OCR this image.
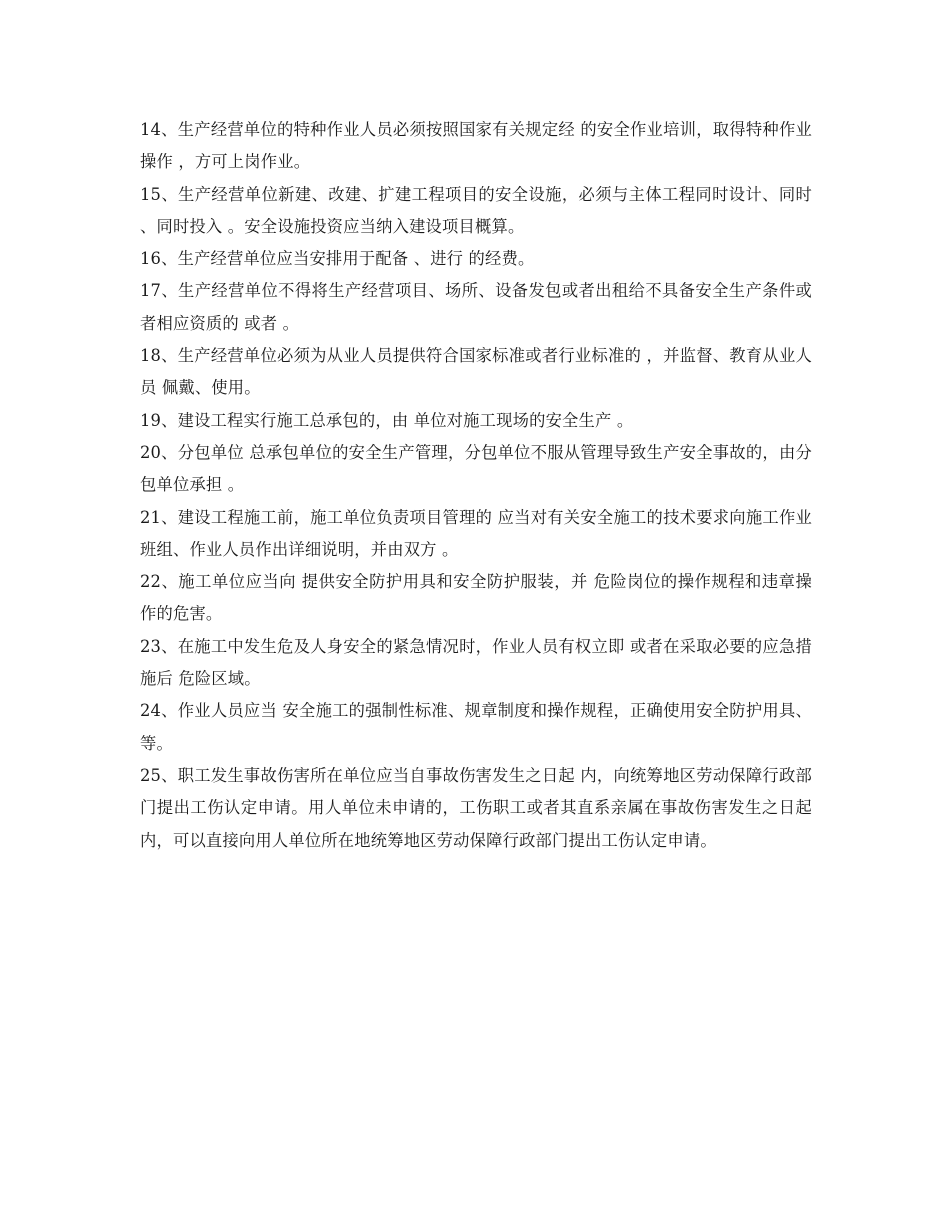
14、生产经营单位的特种作业人员必须按照国家有关规定经 的安全作业培训，取得特种作业操作 ，方可上岗作业。

15、生产经营单位新建、改建、扩建工程项目的安全设施，必须与主体工程同时设计、同时 、同时投入 。安全设施投资应当纳入建设项目概算。

16、生产经营单位应当安排用于配备 、进行 的经费。

17、生产经营单位不得将生产经营项目、场所、设备发包或者出租给不具备安全生产条件或者相应资质的 或者 。

18、生产经营单位必须为从业人员提供符合国家标准或者行业标准的 ，并监督、教育从业人员 佩戴、使用。

19、建设工程实行施工总承包的，由 单位对施工现场的安全生产 。

20、分包单位 总承包单位的安全生产管理，分包单位不服从管理导致生产安全事故的，由分包单位承担 。

21、建设工程施工前，施工单位负责项目管理的 应当对有关安全施工的技术要求向施工作业班组、作业人员作出详细说明，并由双方 。

22、施工单位应当向 提供安全防护用具和安全防护服装，并 危险岗位的操作规程和违章操作的危害。

23、在施工中发生危及人身安全的紧急情况时，作业人员有权立即 或者在采取必要的应急措施后 危险区域。

24、作业人员应当 安全施工的强制性标准、规章制度和操作规程，正确使用安全防护用具、 等。

25、职工发生事故伤害所在单位应当自事故伤害发生之日起 内，向统筹地区劳动保障行政部门提出工伤认定申请。用人单位未申请的，工伤职工或者其直系亲属在事故伤害发生之日起 内，可以直接向用人单位所在地统筹地区劳动保障行政部门提出工伤认定申请。
